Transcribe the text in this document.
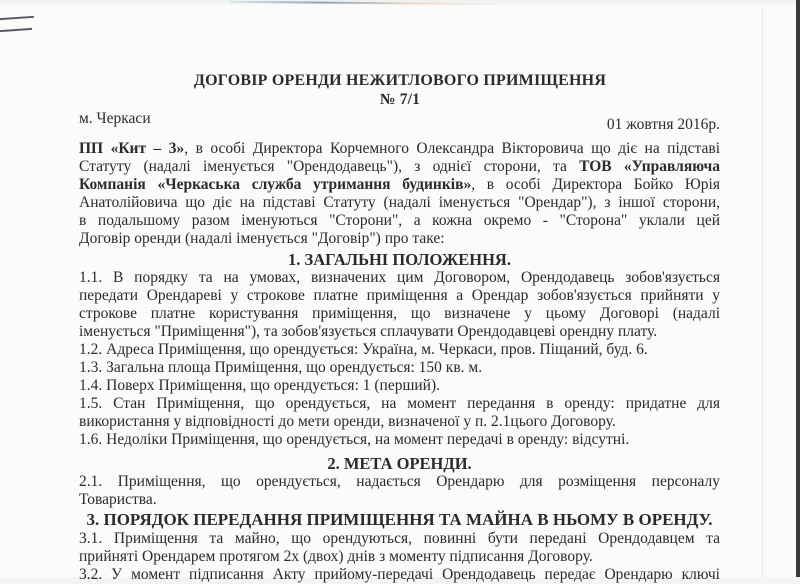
ДОГОВІР ОРЕНДИ НЕЖИТЛОВОГО ПРИМІЩЕННЯ
№ 7/1
м. Черкаси	01 жовтня 2016р.
ПП «Кит – 3», в особі Директора Корчемного Олександра Вікторовича що діє на підставі
Статуту (надалі іменується "Орендодавець"), з однієї сторони, та ТОВ «Управляюча
Компанія «Черкаська служба утримання будинків», в особі Директора Бойко Юрія
Анатолійовича що діє на підставі Статуту (надалі іменується "Орендар"), з іншої сторони,
в подальшому разом іменуються "Сторони", а кожна окремо - "Сторона" уклали цей
Договір оренди (надалі іменується "Договір") про таке:
1. ЗАГАЛЬНІ ПОЛОЖЕННЯ.
1.1. В порядку та на умовах, визначених цим Договором, Орендодавець зобов'язується
передати Орендареві у строкове платне приміщення а Орендар зобов'язується прийняти у
строкове платне користування приміщення, що визначене у цьому Договорі (надалі
іменується "Приміщення"), та зобов'язується сплачувати Орендодавцеві орендну плату.
1.2. Адреса Приміщення, що орендується: Україна, м. Черкаси, пров. Піщаний, буд. 6.
1.3. Загальна площа Приміщення, що орендується: 150 кв. м.
1.4. Поверх Приміщення, що орендується: 1 (перший).
1.5. Стан Приміщення, що орендується, на момент передання в оренду: придатне для
використання у відповідності до мети оренди, визначеної у п. 2.1цього Договору.
1.6. Недоліки Приміщення, що орендується, на момент передачі в оренду: відсутні.
2. МЕТА ОРЕНДИ.
2.1. Приміщення, що орендується, надається Орендарю для розміщення персоналу
Товариства.
3. ПОРЯДОК ПЕРЕДАННЯ ПРИМІЩЕННЯ ТА МАЙНА В НЬОМУ В ОРЕНДУ.
3.1. Приміщення та майно, що орендуються, повинні бути передані Орендодавцем та
прийняті Орендарем протягом 2х (двох) днів з моменту підписання Договору.
3.2. У момент підписання Акту прийому-передачі Орендодавець передає Орендарю ключі
